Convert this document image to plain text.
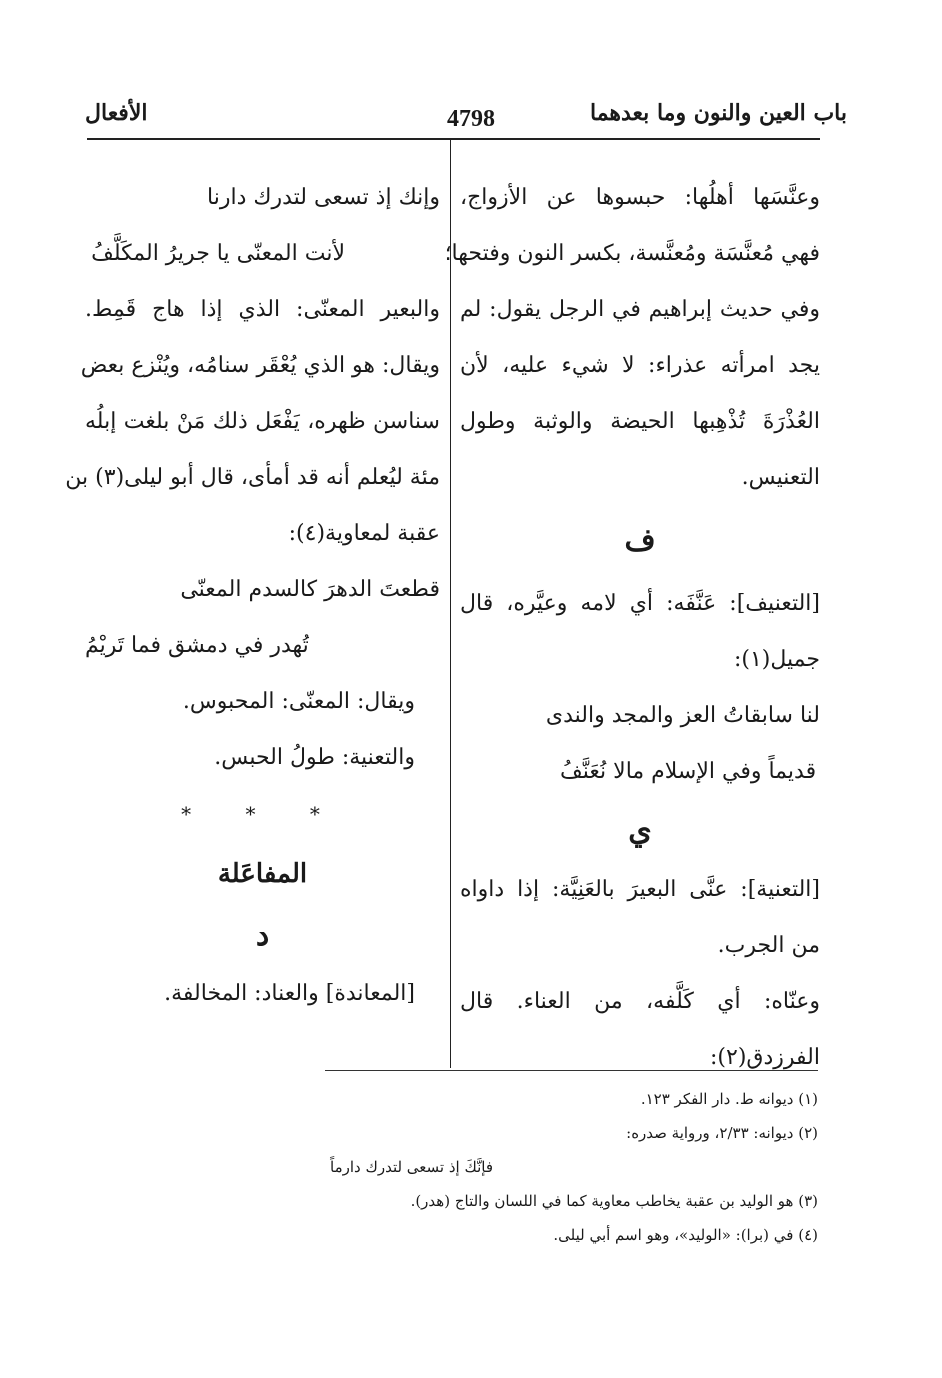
باب العين والنون وما بعدهما
4798
الأفعال
وعنَّسَها أهلُها: حبسوها عن الأزواج،
فهي مُعنَّسَة ومُعنَّسة، بكسر النون وفتحها؛
وفي حديث إبراهيم في الرجل يقول: لم
يجد امرأته عذراء: لا شيء عليه، لأن
العُذْرَةَ تُذْهِبها الحيضة والوثبة وطول
التعنيس.
ف
[التعنيف]: عَنَّفَه: أي لامه وعيَّره، قال
جميل(١):
لنا سابقاتُ العز والمجد والندى
قديماً وفي الإسلام مالا نُعَنَّفُ
ي
[التعنية]: عنَّى البعيرَ بالعَنِيَّة: إذا داواه
من الجرب.
وعنّاه: أي كَلَّفه، من العناء. قال
الفرزدق(٢):
وإنك إذ تسعى لتدرك دارنا
لأنت المعنّى يا جريرُ المكَلَّفُ
والبعير المعنّى: الذي إذا هاج قَمِط.
ويقال: هو الذي يُعْقَر سنامُه، ويُنْزع بعض
سناسن ظهره، يَفْعَل ذلك مَنْ بلغت إبلُه
مئة ليُعلم أنه قد أمأى، قال أبو ليلى(٣) بن
عقبة لمعاوية(٤):
قطعتَ الدهرَ كالسدم المعنّى
تُهدر في دمشق فما تَريْمُ
ويقال: المعنّى: المحبوس.
والتعنية: طولُ الحبس.
* * *
المفاعَلة
د
[المعاندة] والعناد: المخالفة.
(١) ديوانه ط. دار الفكر ١٢٣.
(٢) ديوانه: ٢/٣٣، ورواية صدره:
فإنَّكَ إذ تسعى لتدرك دارماً
(٣) هو الوليد بن عقبة يخاطب معاوية كما في اللسان والتاج (هدر).
(٤) في (برا): «الوليد»، وهو اسم أبي ليلى.
